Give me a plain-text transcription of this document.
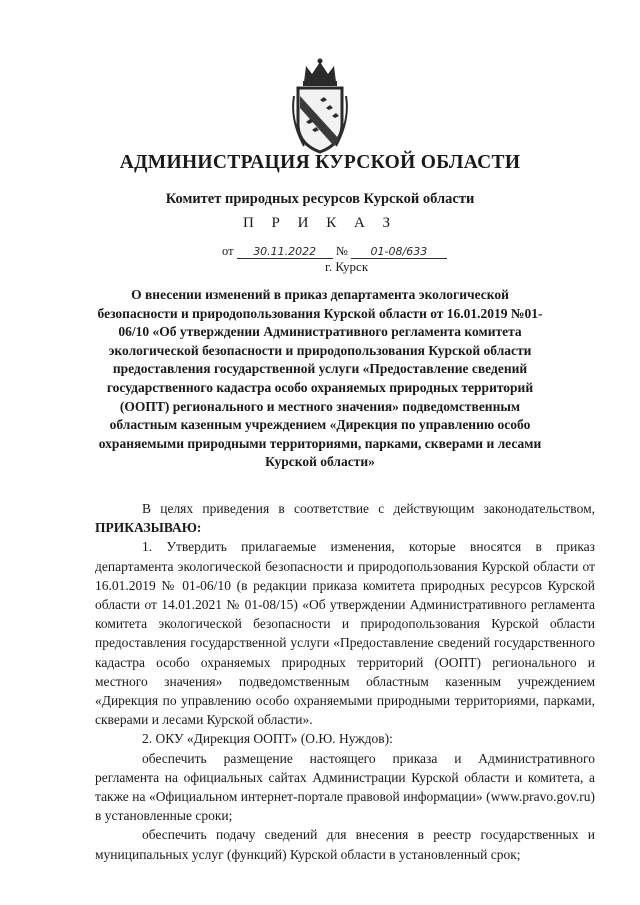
АДМИНИСТРАЦИЯ КУРСКОЙ ОБЛАСТИ
Комитет природных ресурсов Курской области
П Р И К А З
от 30.11.2022 № 01-08/633
г. Курск
О внесении изменений в приказ департамента экологической безопасности и природопользования Курской области от 16.01.2019 №01-06/10 «Об утверждении Административного регламента комитета экологической безопасности и природопользования Курской области предоставления государственной услуги «Предоставление сведений государственного кадастра особо охраняемых природных территорий (ООПТ) регионального и местного значения» подведомственным областным казенным учреждением «Дирекция по управлению особо охраняемыми природными территориями, парками, скверами и лесами Курской области»

В целях приведения в соответствие с действующим законодательством, ПРИКАЗЫВАЮ:

1. Утвердить прилагаемые изменения, которые вносятся в приказ департамента экологической безопасности и природопользования Курской области от 16.01.2019 № 01-06/10 (в редакции приказа комитета природных ресурсов Курской области от 14.01.2021 № 01-08/15) «Об утверждении Административного регламента комитета экологической безопасности и природопользования Курской области предоставления государственной услуги «Предоставление сведений государственного кадастра особо охраняемых природных территорий (ООПТ) регионального и местного значения» подведомственным областным казенным учреждением «Дирекция по управлению особо охраняемыми природными территориями, парками, скверами и лесами Курской области».

2. ОКУ «Дирекция ООПТ» (О.Ю. Нуждов):

обеспечить размещение настоящего приказа и Административного регламента на официальных сайтах Администрации Курской области и комитета, а также на «Официальном интернет-портале правовой информации» (www.pravo.gov.ru) в установленные сроки;

обеспечить подачу сведений для внесения в реестр государственных и муниципальных услуг (функций) Курской области в установленный срок;
